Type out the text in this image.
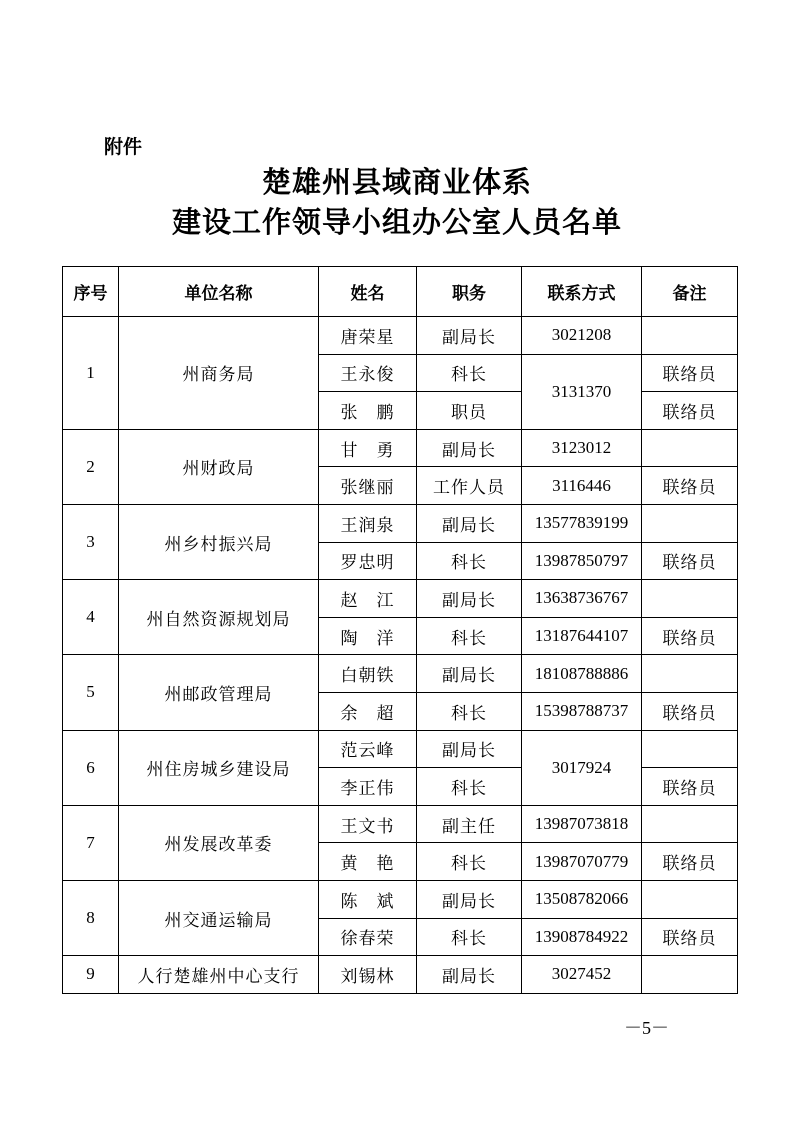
附件
楚雄州县域商业体系
建设工作领导小组办公室人员名单
序号	单位名称	姓名	职务	联系方式	备注
1	州商务局	唐荣星	副局长	3021208	
		王永俊	科长	3131370	联络员
		张　鹏	职员		联络员
2	州财政局	甘　勇	副局长	3123012	
		张继丽	工作人员	3116446	联络员
3	州乡村振兴局	王润泉	副局长	13577839199	
		罗忠明	科长	13987850797	联络员
4	州自然资源规划局	赵　江	副局长	13638736767	
		陶　洋	科长	13187644107	联络员
5	州邮政管理局	白朝铁	副局长	18108788886	
		余　超	科长	15398788737	联络员
6	州住房城乡建设局	范云峰	副局长	3017924	
		李正伟	科长		联络员
7	州发展改革委	王文书	副主任	13987073818	
		黄　艳	科长	13987070779	联络员
8	州交通运输局	陈　斌	副局长	13508782066	
		徐春荣	科长	13908784922	联络员
9	人行楚雄州中心支行	刘锡林	副局长	3027452	
－5－
